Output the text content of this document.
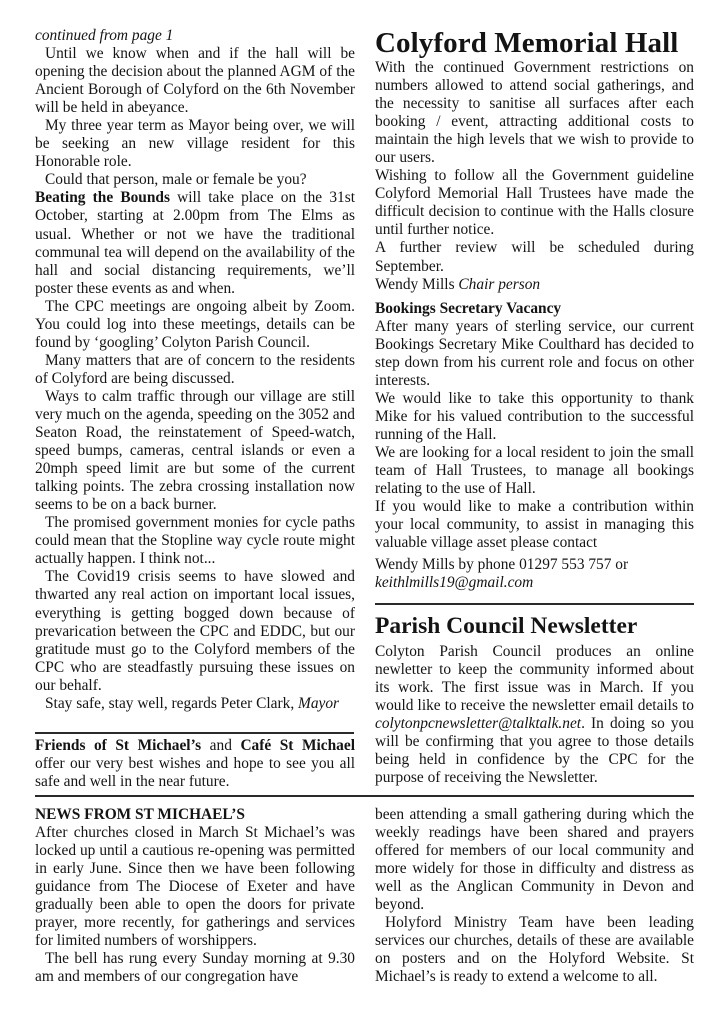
continued from page 1

Until we know when and if the hall will be opening the decision about the planned AGM of the Ancient Borough of Colyford on the 6th November will be held in abeyance.

My three year term as Mayor being over, we will be seeking an new village resident for this Honorable role.

Could that person, male or female be you?

Beating the Bounds will take place on the 31st October, starting at 2.00pm from The Elms as usual. Whether or not we have the traditional communal tea will depend on the availability of the hall and social distancing requirements, we’ll poster these events as and when.

The CPC meetings are ongoing albeit by Zoom. You could log into these meetings, details can be found by ‘googling’ Colyton Parish Council.

Many matters that are of concern to the residents of Colyford are being discussed.

Ways to calm traffic through our village are still very much on the agenda, speeding on the 3052 and Seaton Road, the reinstatement of Speed-watch, speed bumps, cameras, central islands or even a 20mph speed limit are but some of the current talking points. The zebra crossing installation now seems to be on a back burner.

The promised government monies for cycle paths could mean that the Stopline way cycle route might actually happen. I think not...

The Covid19 crisis seems to have slowed and thwarted any real action on important local issues, everything is getting bogged down because of prevarication between the CPC and EDDC, but our gratitude must go to the Colyford members of the CPC who are steadfastly pursuing these issues on our behalf.

Stay safe, stay well, regards Peter Clark, Mayor

Friends of St Michael’s and Café St Michael offer our very best wishes and hope to see you all safe and well in the near future.

Colyford Memorial Hall

With the continued Government restrictions on numbers allowed to attend social gatherings, and the necessity to sanitise all surfaces after each booking / event, attracting additional costs to maintain the high levels that we wish to provide to our users.

Wishing to follow all the Government guideline Colyford Memorial Hall Trustees have made the difficult decision to continue with the Halls closure until further notice.

A further review will be scheduled during September.

Wendy Mills Chair person

Bookings Secretary Vacancy

After many years of sterling service, our current Bookings Secretary Mike Coulthard has decided to step down from his current role and focus on other interests.

We would like to take this opportunity to thank Mike for his valued contribution to the successful running of the Hall.

We are looking for a local resident to join the small team of Hall Trustees, to manage all bookings relating to the use of Hall.

If you would like to make a contribution within your local community, to assist in managing this valuable village asset please contact

Wendy Mills by phone 01297 553 757 or

keithlmills19@gmail.com

Parish Council Newsletter

Colyton Parish Council produces an online newletter to keep the community informed about its work. The first issue was in March. If you would like to receive the newsletter email details to colytonpcnewsletter@talktalk.net. In doing so you will be confirming that you agree to those details being held in confidence by the CPC for the purpose of receiving the Newsletter.

NEWS FROM ST MICHAEL’S

After churches closed in March St Michael’s was locked up until a cautious re-opening was permitted in early June. Since then we have been following guidance from The Diocese of Exeter and have gradually been able to open the doors for private prayer, more recently, for gatherings and services for limited numbers of worshippers.

The bell has rung every Sunday morning at 9.30 am and members of our congregation have

been attending a small gathering during which the weekly readings have been shared and prayers offered for members of our local community and more widely for those in difficulty and distress as well as the Anglican Community in Devon and beyond.

Holyford Ministry Team have been leading services our churches, details of these are available on posters and on the Holyford Website. St Michael’s is ready to extend a welcome to all.
